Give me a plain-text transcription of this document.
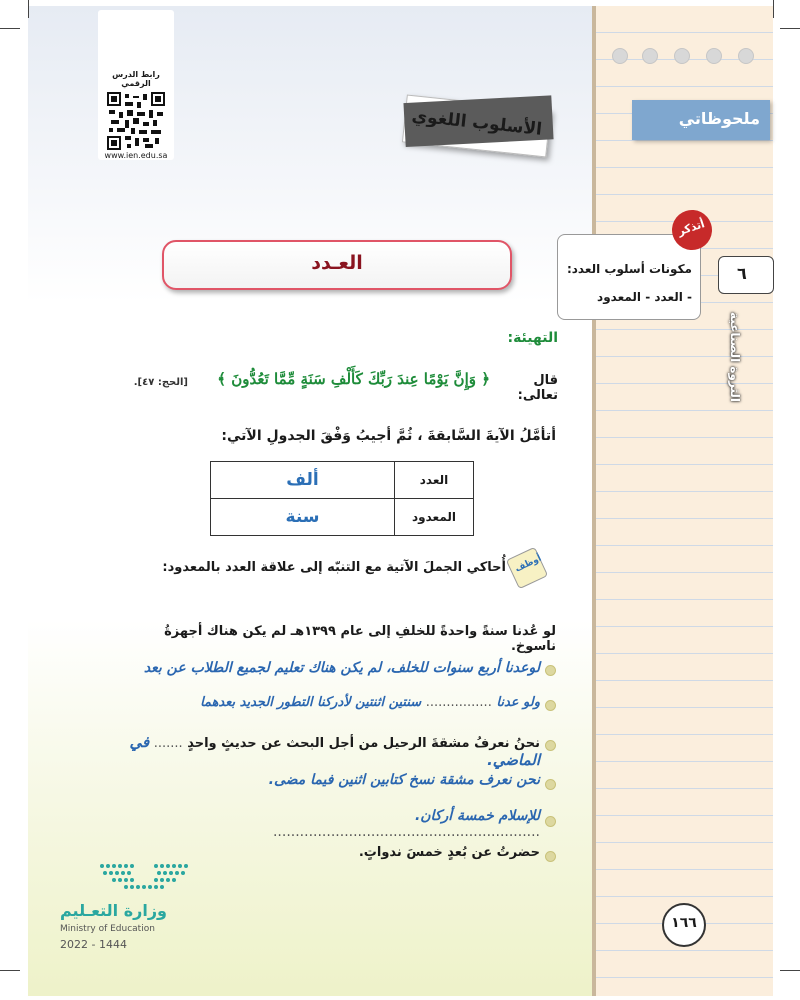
رابط الدرس الرقمي
www.ien.edu.sa
الأسلوب اللغوي	ملحوظاتي
العـدد
أتذكر
مكونات أسلوب العدد:
- العدد - المعدود
٦
الثروة الصناعية
التهيئة:
قال تعالى:
﴿ وَإِنَّ يَوْمًا عِندَ رَبِّكَ كَأَلْفِ سَنَةٍ مِّمَّا تَعُدُّونَ ﴾
[الحج: ٤٧].
أتأمَّلُ الآيةَ السَّابقةَ ، ثُمَّ أجيبُ وَفْقَ الجدولِ الآتي:
العدد	ألف
المعدود	سنة
أوظف
أُحاكي الجملَ الآتية مع التنبّه إلى علاقة العدد بالمعدود:
لو عُدنا سنةً واحدةً للخلفِ إلى عام ١٣٩٩هـ لم يكن هناك أجهزةُ ناسوخ.
لوعدنا أربع سنوات للخلف، لم يكن هناك تعليم لجميع الطلاب عن بعد
ولو عدنا ................ سنتين اثنتين لأدركنا التطور الجديد بعدهما
نحنُ نعرفُ مشقةَ الرحيل من أجل البحث عن حديثٍ واحدٍ ....... في الماضي.
نحن نعرف مشقة نسخ كتابين اثنين فيما مضى.
للإسلام خمسة أركان. ............................................................
حضرتُ عن بُعدٍ خمسَ ندواتٍ.
وزارة التعـليم
Ministry of Education
2022 - 1444
١٦٦
